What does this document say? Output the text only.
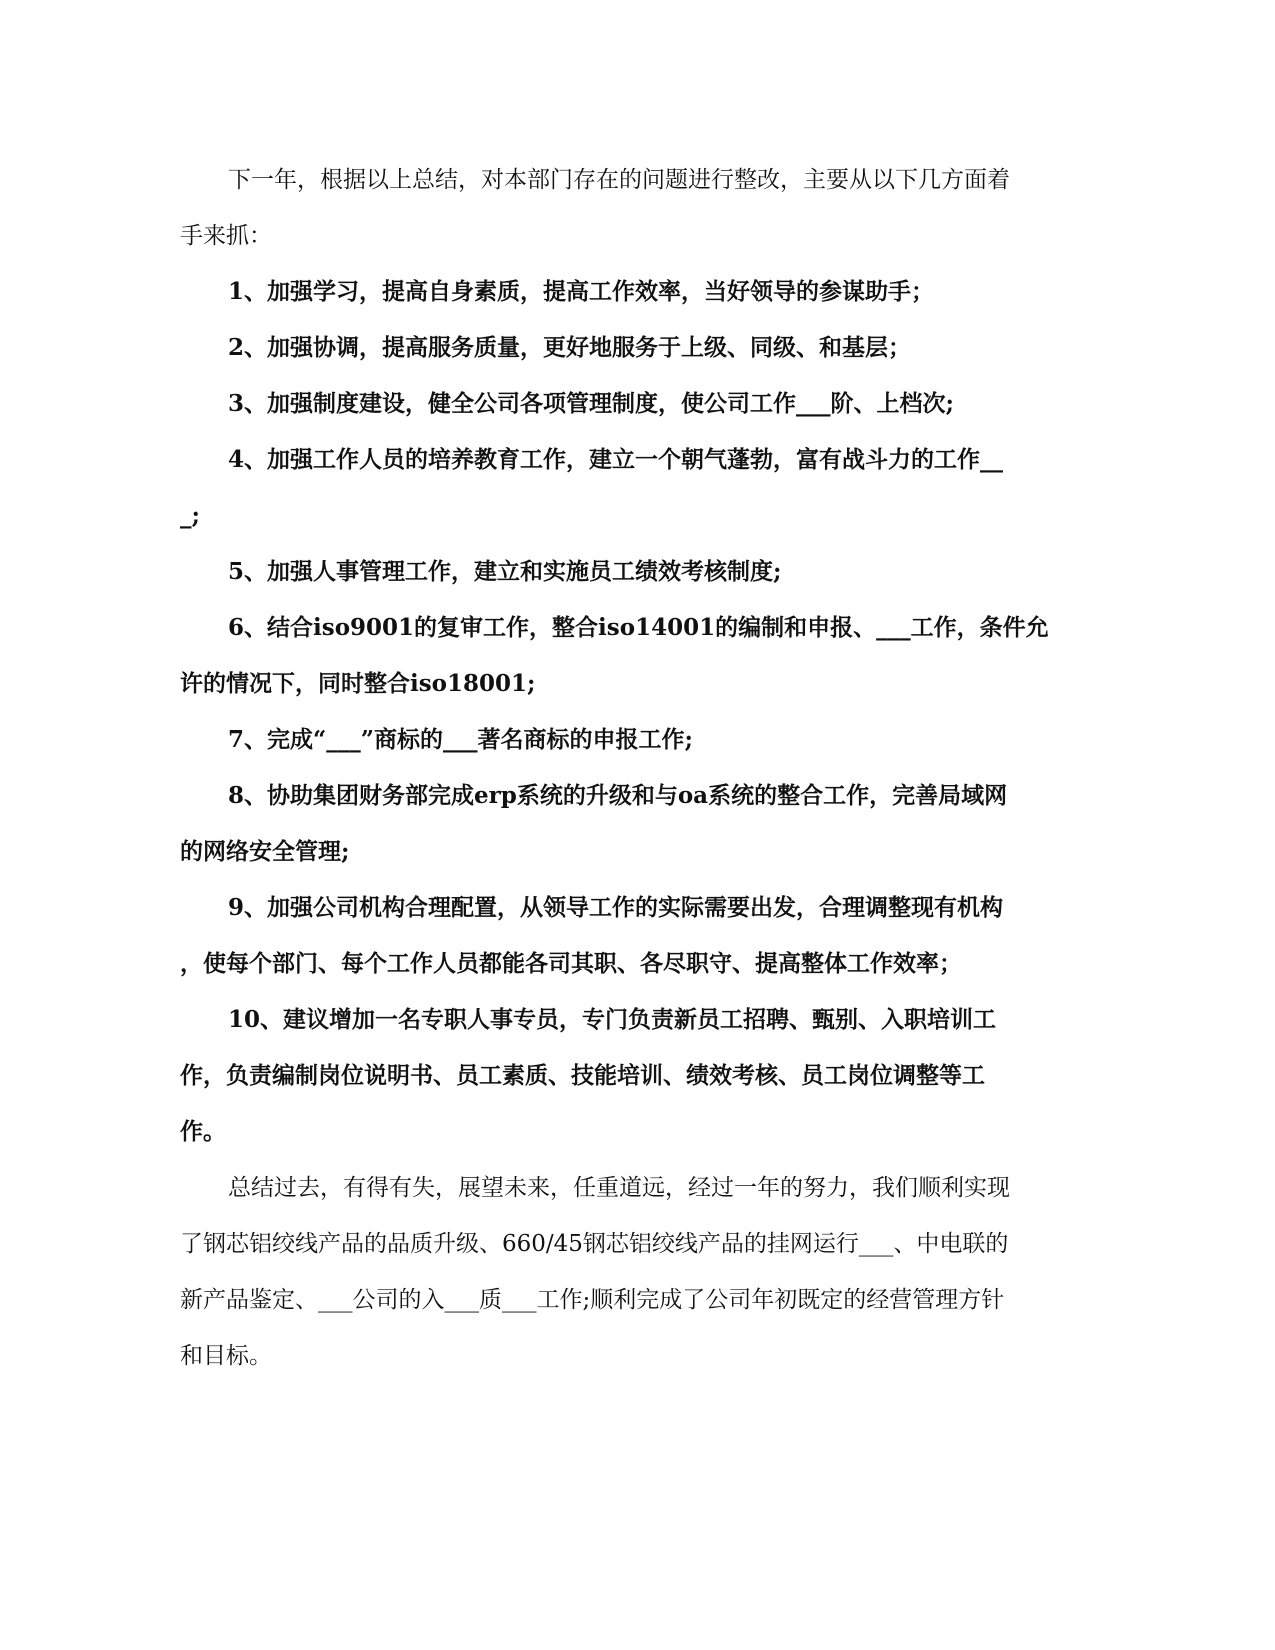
下一年，根据以上总结，对本部门存在的问题进行整改，主要从以下几方面着
手来抓：
1、加强学习，提高自身素质，提高工作效率，当好领导的参谋助手；
2、加强协调，提高服务质量，更好地服务于上级、同级、和基层；
3、加强制度建设，健全公司各项管理制度，使公司工作___阶、上档次;
4、加强工作人员的培养教育工作，建立一个朝气蓬勃，富有战斗力的工作__
_;
5、加强人事管理工作，建立和实施员工绩效考核制度;
6、结合iso9001的复审工作，整合iso14001的编制和申报、___工作，条件允
许的情况下，同时整合iso18001;
7、完成“___”商标的___著名商标的申报工作;
8、协助集团财务部完成erp系统的升级和与oa系统的整合工作，完善局域网
的网络安全管理;
9、加强公司机构合理配置，从领导工作的实际需要出发，合理调整现有机构
，使每个部门、每个工作人员都能各司其职、各尽职守、提高整体工作效率；
10、建议增加一名专职人事专员，专门负责新员工招聘、甄别、入职培训工
作，负责编制岗位说明书、员工素质、技能培训、绩效考核、员工岗位调整等工
作。
总结过去，有得有失，展望未来，任重道远，经过一年的努力，我们顺利实现
了钢芯铝绞线产品的品质升级、660/45钢芯铝绞线产品的挂网运行___、中电联的
新产品鉴定、___公司的入___质___工作;顺利完成了公司年初既定的经营管理方针
和目标。
